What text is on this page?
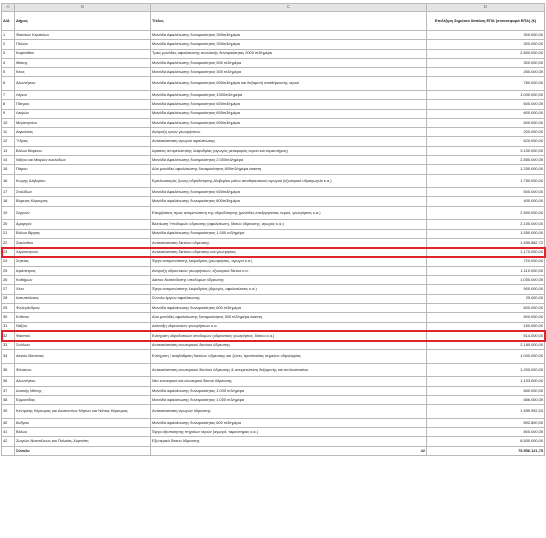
A	B	C	D
Α/Α	Δήμος	Τίτλος	Επιλέξιμη δημόσια δαπάνη ΕΠΑ (συνεισφορά ΕΠΑ) (€)
1	Φαιστών Κερατέων	Μονάδα Αφαλάτωσης δυναμικότητας 300m3/ημέρα	300.000,00
2	Πυλών	Μονάδα Αφαλάτωσης δυναμικότητας 300m3/ημέρα	300.000,00
3	Καρπάθου	Τρεις μονάδες αφαλάτωσης συνολικής δυναμικότητας 2000 m3/ημέρα	2.800.000,00
4	Ιθάκης	Μονάδα Αφαλάτωσης δυναμικότητας 500 m3/ημέρα	300.000,00
5	Κέας	Μονάδα Αφαλάτωσης δυναμικότητας 300 m3/ημέρα	260.000,00
6	Αλοννήσου	Μονάδα Αφαλάτωσης δυναμικότητας 600m3/ημέρα και δεξαμενή αποθήκευσης νερού	780.000,00
7	Λέρου	Μονάδα Αφαλάτωσης δυναμικότητας 1000m3/ημέρα	1.000.000,00
8	Πάτμου	Μονάδα Αφαλάτωσης δυναμικότητας 600m3/ημέρα	600.000,00
9	Λειψών	Μονάδα Αφαλάτωσης δυναμικότητας 600m3/ημέρα	600.000,00
10	Μεγανησίου	Μονάδα Αφαλάτωσης δυναμικότητας 600m3/ημέρα	600.000,00
11	Αιγιαλείας	Ανόρυξη τριών γεωτρήσεων	200.000,00
12	Ύδρας	Αντικατάσταση αγωγού αφαλάτωσης	620.000,00
13	Βόλου Βόρειου	Δράσεις αντιμετώπισης λειψυδρίας (αγωγός μεταφοράς νερού και ταμιευτήρας)	3.100.000,00
14	Νάξου και Μικρών κυκλάδων	Μονάδα Αφαλάτωσης δυναμικότητας 2.000m3/ημέρα	2.850.000,00
15	Πάρου	Δύο μονάδες αφαλάτωσης δυναμικότητας 600m3/ημέρα έκαστη	1.200.000,00
16	Κώμης Αλιβερίου	Εμπλουτισμός ζώνης υδροδότησης Αλιβερίου μέσω αποθηκευτικού αγωγού (εξωτερικό υδραγωγείο κ.α.)	1.750.000,00
17	Στυλίδων	Μονάδα Αφαλάτωσης δυναμικότητας 600m3/ημέρα	500.000,00
18	Βόρειας Κέρκυρας	Μονάδα αφαλάτωσης δυναμικότητας 600m3/ημέρα	400.000,00
19	Σερρών	Επεμβάσεις προς αντιμετώπιση της υδροδότησης (μονάδες επεξεργασίας νερού, γεωτρήσεις κ.α.)	2.500.000,00
20	Αμοργού	Βελτίωση Υποδομών ύδρευσης (αφαλάτωση, δίκτυο ύδρευσης, αγωγός κ.α.)	2.100.000,00
21	Βόλου Βίρρας	Μονάδα Αφαλάτωσης δυναμικότητας 1.000 m3/ημέρα	1.550.000,00
22	Ζακύνθου	Αντικατάσταση δικτύου ύδρευσης	1.599.882,72
23	Χερσονήσου	Αντικατάσταση δικτύου ύδρευσης και γεωτρήσεις	1.170.000,00
24	Σητείας	Έργα αντιμετώπισης λειψυδρίας (γεωτρήσεις, αγωγοί κ.α.)	720.000,00
25	Ιεράπετρας	Ανόρυξη υδρευτικών γεωτρήσεων, εξωτερικό δίκτυο κ.α.	1.110.000,00
26	Καθήμων	Δίκτυο διασύνδεσης υποδομών ύδρευσης	1.000.000,00
27	Χίου	Έργα αντιμετώπισης λειψυδρίας (Αγωγός, αφαλατώσεις κ.α.)	900.000,00
28	Αστυπάλαιας	Σύνολο έργων αφαλάτωσης	25.000,00
29	Φολεγάνδρου	Μονάδα αφαλάτωσης δυναμικότητας 600 m3/ημέρα	600.000,00
30	Κύθνου	Δύο μονάδες αφαλάτωσης δυναμικότητας 300 m3/ημέρα έκαστη	500.000,00
31	Νάξου	Διάνοιξη υδρευτικών γεωτρήσεων κ.α.	150.000,00
32	Φαιστού	Ενίσχυση υδροδοτικών υποδομών (υδρευτικές γεωτρήσεις, δίκτυο κ.α.)	514.000,00
33	Σούλιου	Αντικατάσταση εσωτερικού δικτύου ύδρευσης	2.185.000,00
34	Ακτίου Βόνιτσας	Ενίσχυση / αναβάθμιση δικτύων ύδρευσης και ζώνες προστασίας σημείων υδροληψίας	1.000.000,00
35	Φιλιατών	Αντικατάσταση εσωτερικού δικτύου ύδρευσης & αντιμετώπιση δεξαμενής και αντλιοστασίου	1.200.000,00
36	Αλοννήσου	Νέο εσωτερικό και εσωτερικό δίκτυο ύδρευσης	1.103.000,00
37	Δυτικής Μάνης	Μονάδα αφαλάτωσης δυναμικότητας 1.000 m3/ημέρα	650.000,00
38	Ερμιονίδας	Μονάδα αφαλάτωσης δυναμικότητας 1.000 m3/ημέρα	686.000,00
39	Κεντρικής Κέρκυρας και Διαποντίων Νήσων και Νότιας Κέρκυρας	Αντικατάσταση αγωγών ύδρευσης	1.599.992,03
40	Άνδρου	Μονάδα αφαλάτωσης δυναμικότητας 600 m3/ημέρα	892.800,00
41	Βόλου	Έργα αξιοποίησης πηγαίων νερών (αγωγοί, ταμιευτήρας κ.α.)	800.000,00
42	Ζωγιών-Νεαπόλεως και Πυλαίας-Χορτιάτη	Εξωτερικό δίκτυο ύδρευσης	8.500.000,00
	Σύνολο	42	75.556.121,75
